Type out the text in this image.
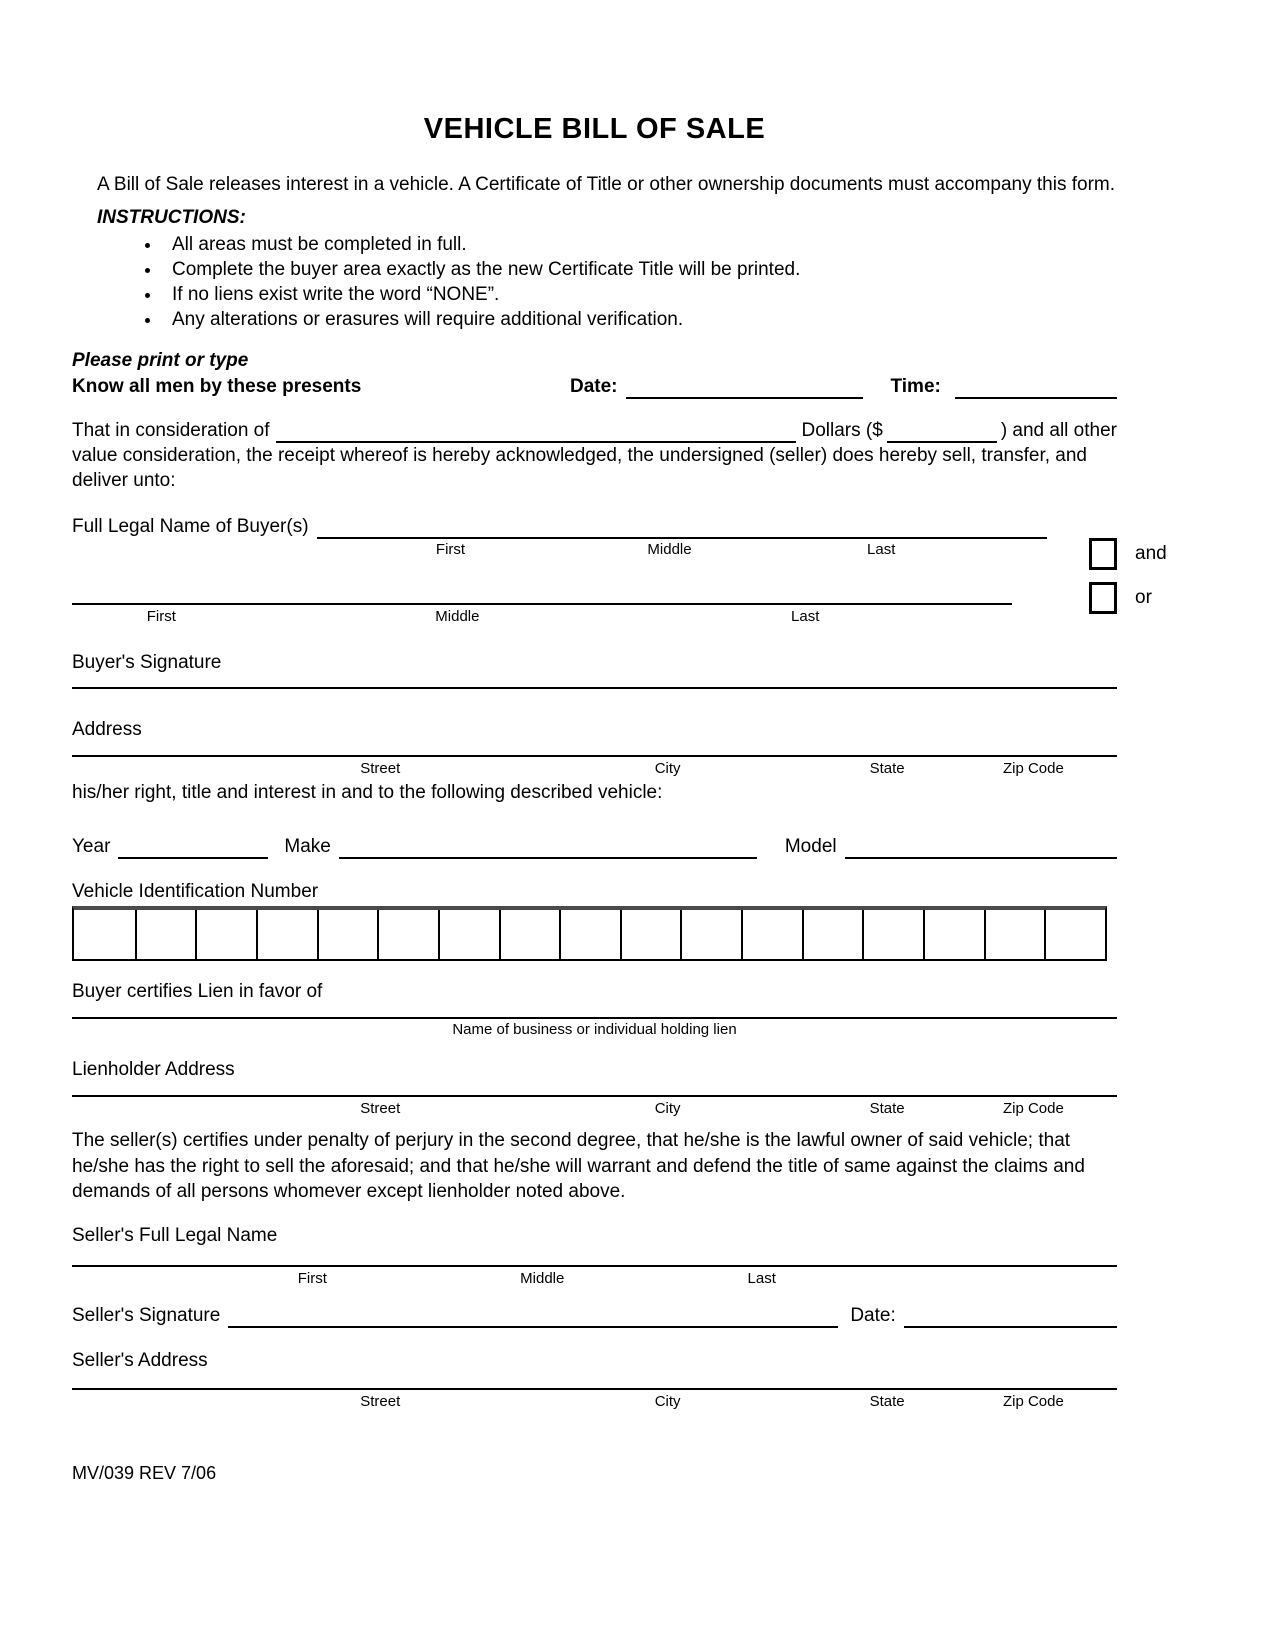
VEHICLE BILL OF SALE
A Bill of Sale releases interest in a vehicle. A Certificate of Title or other ownership documents must accompany this form.
INSTRUCTIONS:
• All areas must be completed in full.
• Complete the buyer area exactly as the new Certificate Title will be printed.
• If no liens exist write the word “NONE”.
• Any alterations or erasures will require additional verification.
Please print or type
Know all men by these presents	Date:	Time:
That in consideration of	Dollars ($	) and all other
value consideration, the receipt whereof is hereby acknowledged, the undersigned (seller) does hereby sell, transfer, and deliver unto:
Full Legal Name of Buyer(s)
and
or
First	Middle	Last
First	Middle	Last
Buyer's Signature
Address
Street	City	State	Zip Code
his/her right, title and interest in and to the following described vehicle:
Year	Make	Model
Vehicle Identification Number
Buyer certifies Lien in favor of
Name of business or individual holding lien
Lienholder Address
Street	City	State	Zip Code
The seller(s) certifies under penalty of perjury in the second degree, that he/she is the lawful owner of said vehicle; that he/she has the right to sell the aforesaid; and that he/she will warrant and defend the title of same against the claims and demands of all persons whomever except lienholder noted above.
Seller's Full Legal Name
First	Middle	Last
Seller's Signature	Date:
Seller's Address
Street	City	State	Zip Code
MV/039 REV 7/06
